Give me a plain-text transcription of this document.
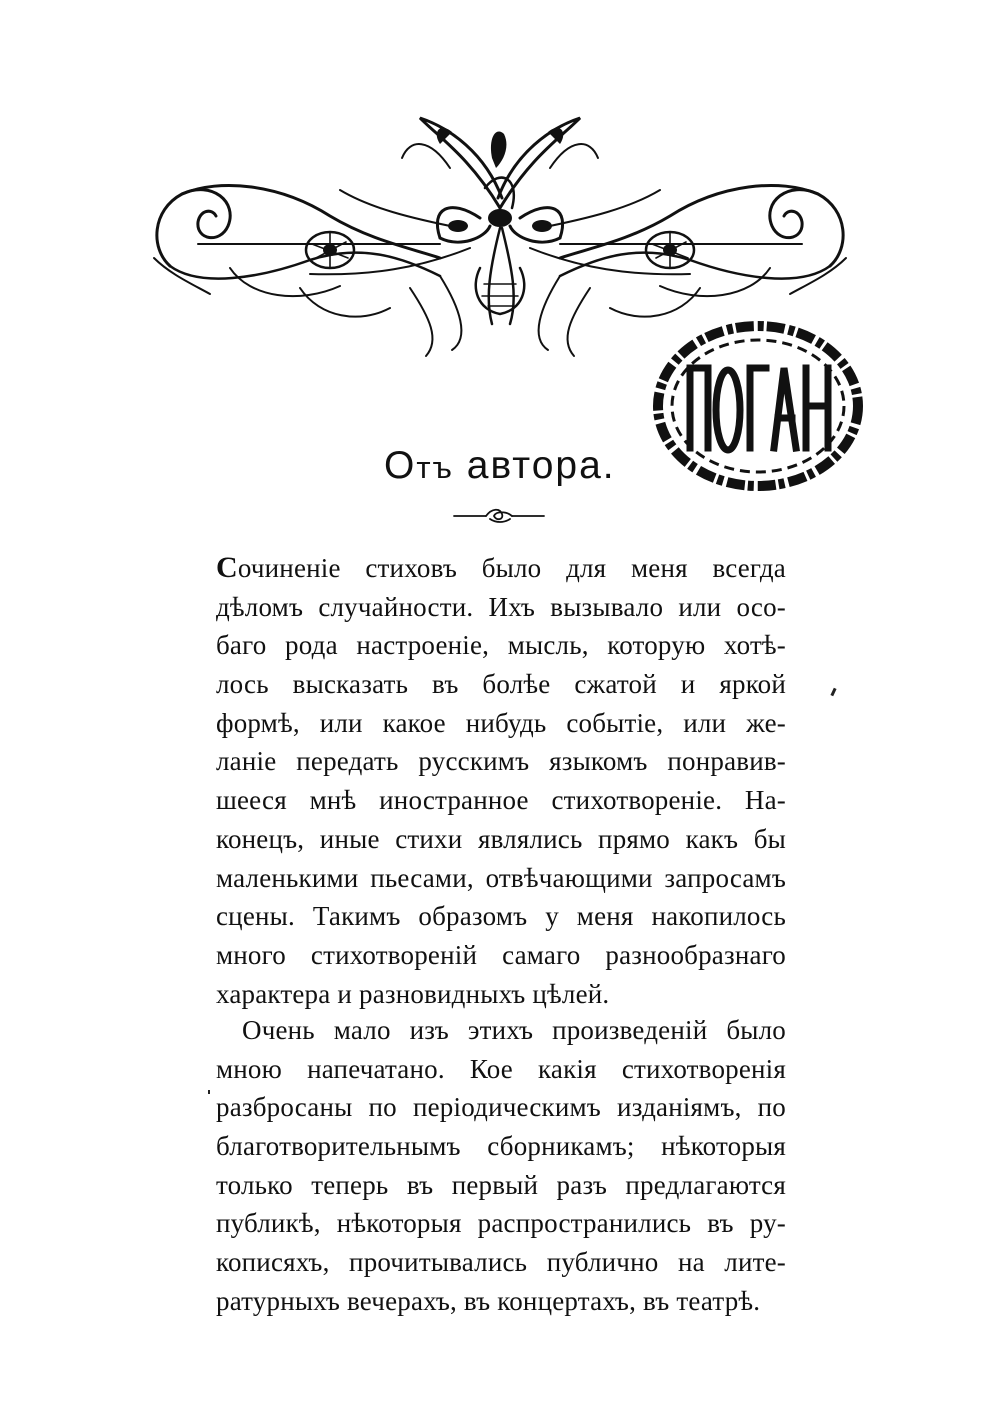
Отъ автора.
Сочиненіе стиховъ было для меня всегда
дѣломъ случайности. Ихъ вызывало или осо-
баго рода настроеніе, мысль, которую хотѣ-
лось высказать въ болѣе сжатой и яркой
формѣ, или какое нибудь событіе, или же-
ланіе передать русскимъ языкомъ понравив-
шееся мнѣ иностранное стихотвореніе. На-
конецъ, иные стихи являлись прямо какъ бы
маленькими пьесами, отвѣчающими запросамъ
сцены. Такимъ образомъ у меня накопилось
много стихотвореній самаго разнообразнаго
характера и разновидныхъ цѣлей.
Очень мало изъ этихъ произведеній было
мною напечатано. Кое какія стихотворенія
разбросаны по періодическимъ изданіямъ, по
благотворительнымъ сборникамъ; нѣкоторыя
только теперь въ первый разъ предлагаются
публикѣ, нѣкоторыя распространились въ ру-
кописяхъ, прочитывались публично на лите-
ратурныхъ вечерахъ, въ концертахъ, въ театрѣ.
